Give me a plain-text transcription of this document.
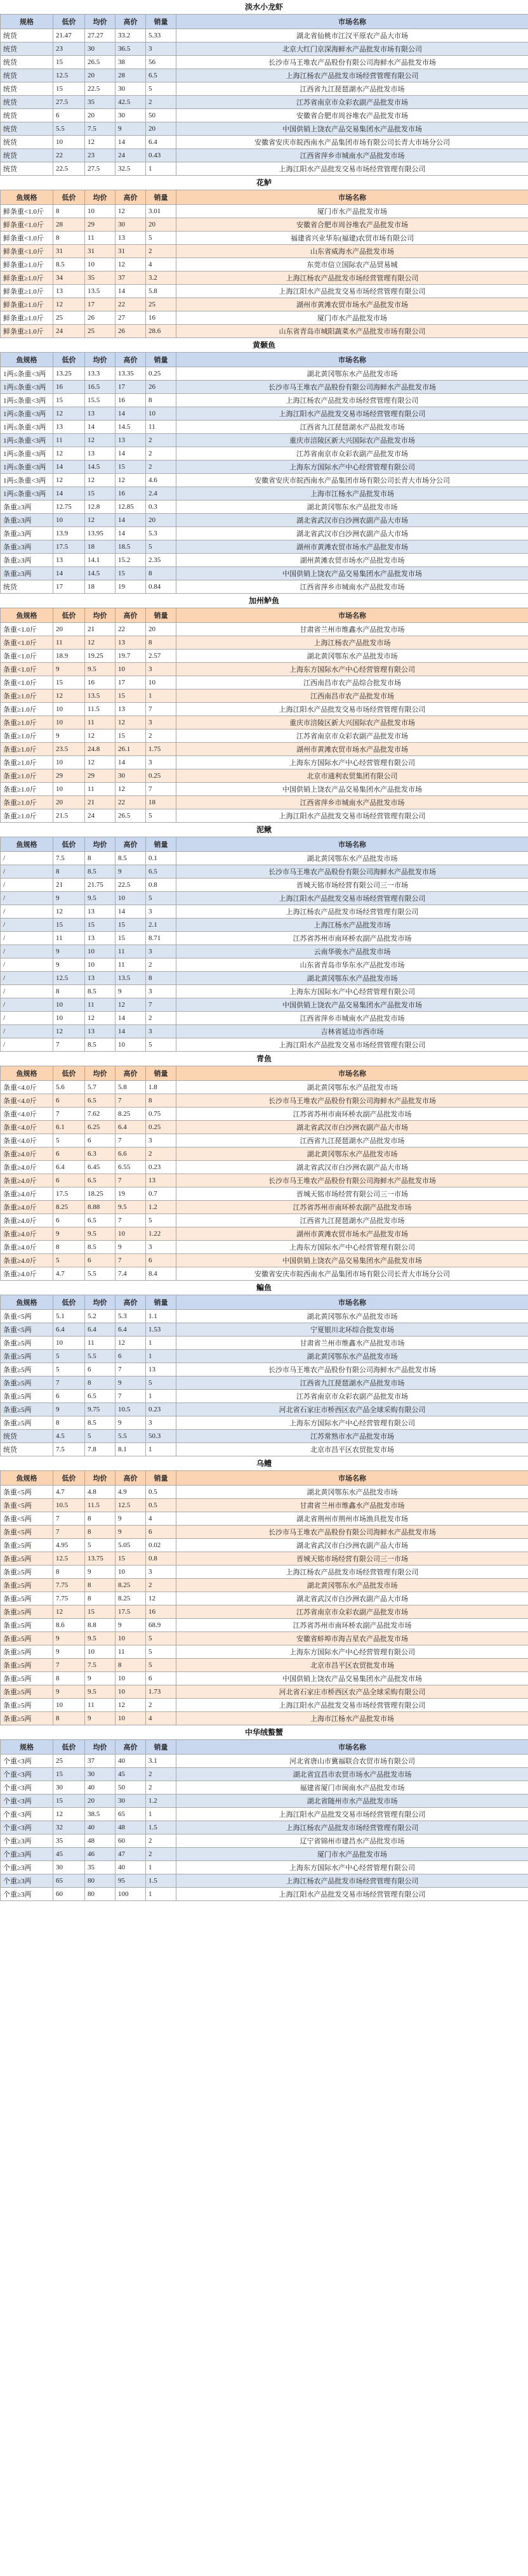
淡水小龙虾
规格	低价	均价	高价	销量	市场名称
统货	21.47	27.27	33.2	5.33	湖北省仙桃市江汉平原农产品大市场
统货	23	30	36.5	3	北京大红门京深海鲜水产品批发市场有限公司
统货	15	26.5	38	56	长沙市马王堆农产品股份有限公司海鲜水产品批发市场
统货	12.5	20	28	6.5	上海江杨农产品批发市场经营管理有限公司
统货	15	22.5	30	5	江西省九江琵琶湖水产品批发市场
统货	27.5	35	42.5	2	江苏省南京市众彩农副产品批发市场
统货	6	20	30	50	安徽省合肥市周谷堆农产品批发市场
统货	5.5	7.5	9	20	中国供销上饶农产品交易集团水产品批发市场
统货	10	12	14	6.4	安徽省安庆市皖西南水产品集团市场有限公司长青大市场分公司
统货	22	23	24	0.43	江西省萍乡市城南水产品批发市场
统货	22.5	27.5	32.5	1	上海江阳水产品批发交易市场经营管理有限公司
花鲈
鱼规格	低价	均价	高价	销量	市场名称
鲜条重<1.0斤	8	10	12	3.01	厦门市水产品批发市场
鲜条重<1.0斤	28	29	30	20	安徽省合肥市周谷堆农产品批发市场
鲜条重<1.0斤	8	11	13	5	福建省兴业华东(福建)农贸市场有限公司
鲜条重<1.0斤	31	31	31	2	山东省威海水产品批发市场
鲜条重≥1.0斤	8.5	10	12	4	东莞市信立国际农产品贸易城
鲜条重≥1.0斤	34	35	37	3.2	上海江杨农产品批发市场经营管理有限公司
鲜条重≥1.0斤	13	13.5	14	5.8	上海江阳水产品批发交易市场经营管理有限公司
鲜条重≥1.0斤	12	17	22	25	湖州市黄滩农贸市场水产品批发市场
鲜条重≥1.0斤	25	26	27	16	厦门市水产品批发市场
鲜条重≥1.0斤	24	25	26	28.6	山东省青岛市城阳蔬菜水产品批发市场有限公司
黄颡鱼
鱼规格	低价	均价	高价	销量	市场名称
1两≤条重<3两	13.25	13.3	13.35	0.25	湖北黄冈鄂东水产品批发市场
1两≤条重<3两	16	16.5	17	26	长沙市马王堆农产品股份有限公司海鲜水产品批发市场
1两≤条重<3两	15	15.5	16	8	上海江杨农产品批发市场经营管理有限公司
1两≤条重<3两	12	13	14	10	上海江阳水产品批发交易市场经营管理有限公司
1两≤条重<3两	13	14	14.5	11	江西省九江琵琶湖水产品批发市场
1两≤条重<3两	11	12	13	2	重庆市涪陵区新大兴国际农产品批发市场
1两≤条重<3两	12	13	14	2	江苏省南京市众彩农副产品批发市场
1两≤条重<3两	14	14.5	15	2	上海东方国际水产中心经营管理有限公司
1两≤条重<3两	12	12	12	4.6	安徽省安庆市皖西南水产品集团市场有限公司长青大市场分公司
1两≤条重<3两	14	15	16	2.4	上海市江杨水产品批发市场
条重≥3两	12.75	12.8	12.85	0.3	湖北黄冈鄂东水产品批发市场
条重≥3两	10	12	14	20	湖北省武汉市白沙洲农副产品大市场
条重≥3两	13.9	13.95	14	5.3	湖北省武汉市白沙洲农副产品大市场
条重≥3两	17.5	18	18.5	5	湖州市黄滩农贸市场水产品批发市场
条重≥3两	13	14.1	15.2	2.35	湖州黄滩农贸市场水产品批发市场
条重≥3两	14	14.5	15	8	中国供销上饶农产品交易集团水产品批发市场
统货	17	18	19	0.84	江西省萍乡市城南水产品批发市场
加州鲈鱼
鱼规格	低价	均价	高价	销量	市场名称
条重<1.0斤	20	21	22	20	甘肃省兰州市维鑫水产品批发市场
条重<1.0斤	11	12	13	8	上海江杨农产品批发市场
条重<1.0斤	18.9	19.25	19.7	2.57	湖北黄冈鄂东水产品批发市场
条重<1.0斤	9	9.5	10	3	上海东方国际水产中心经营管理有限公司
条重<1.0斤	15	16	17	10	江西南昌市农产品综合批发市场
条重≥1.0斤	12	13.5	15	1	江西南昌市农产品批发市场
条重≥1.0斤	10	11.5	13	7	上海江阳水产品批发交易市场经营管理有限公司
条重≥1.0斤	10	11	12	3	重庆市涪陵区新大兴国际农产品批发市场
条重≥1.0斤	9	12	15	2	江苏省南京市众彩农副产品批发市场
条重≥1.0斤	23.5	24.8	26.1	1.75	湖州市黄滩农贸市场水产品批发市场
条重≥1.0斤	10	12	14	3	上海东方国际水产中心经营管理有限公司
条重≥1.0斤	29	29	30	0.25	北京市通利农贸集团有限公司
条重≥1.0斤	10	11	12	7	中国供销上饶农产品交易集团水产品批发市场
条重≥1.0斤	20	21	22	18	江西省萍乡市城南水产品批发市场
条重≥1.0斤	21.5	24	26.5	5	上海江阳水产品批发交易市场经营管理有限公司
泥鳅
鱼规格	低价	均价	高价	销量	市场名称
/	7.5	8	8.5	0.1	湖北黄冈鄂东水产品批发市场
/	8	8.5	9	6.5	长沙市马王堆农产品股份有限公司海鲜水产品批发市场
/	21	21.75	22.5	0.8	晋城天铭市场经营有限公司三一市场
/	9	9.5	10	5	上海江阳水产品批发交易市场经营管理有限公司
/	12	13	14	3	上海江杨农产品批发市场经营管理有限公司
/	15	15	15	2.1	上海江杨水产品批发市场
/	11	13	15	8.71	江苏省苏州市南环桥农副产品批发市场
/	9	10	11	3	云南华骏水产品批发市场
/	9	10	11	2	山东省青岛市华东水产品批发市场
/	12.5	13	13.5	8	湖北黄冈鄂东水产品批发市场
/	8	8.5	9	3	上海东方国际水产中心经营管理有限公司
/	10	11	12	7	中国供销上饶农产品交易集团水产品批发市场
/	10	12	14	2	江西省萍乡市城南水产品批发市场
/	12	13	14	3	吉林省延边市西市场
/	7	8.5	10	5	上海江阳水产品批发交易市场经营管理有限公司
青鱼
鱼规格	低价	均价	高价	销量	市场名称
条重<4.0斤	5.6	5.7	5.8	1.8	湖北黄冈鄂东水产品批发市场
条重<4.0斤	6	6.5	7	8	长沙市马王堆农产品股份有限公司海鲜水产品批发市场
条重<4.0斤	7	7.62	8.25	0.75	江苏省苏州市南环桥农副产品批发市场
条重<4.0斤	6.1	6.25	6.4	0.25	湖北省武汉市白沙洲农副产品大市场
条重<4.0斤	5	6	7	3	江西省九江琵琶湖水产品批发市场
条重≥4.0斤	6	6.3	6.6	2	湖北黄冈鄂东水产品批发市场
条重≥4.0斤	6.4	6.45	6.55	0.23	湖北省武汉市白沙洲农副产品大市场
条重≥4.0斤	6	6.5	7	13	长沙市马王堆农产品股份有限公司海鲜水产品批发市场
条重≥4.0斤	17.5	18.25	19	0.7	晋城天铭市场经营有限公司三一市场
条重≥4.0斤	8.25	8.88	9.5	1.2	江苏省苏州市南环桥农副产品批发市场
条重≥4.0斤	6	6.5	7	5	江西省九江琵琶湖水产品批发市场
条重≥4.0斤	9	9.5	10	1.22	湖州市黄滩农贸市场水产品批发市场
条重≥4.0斤	8	8.5	9	3	上海东方国际水产中心经营管理有限公司
条重≥4.0斤	5	6	7	6	中国供销上饶农产品交易集团水产品批发市场
条重≥4.0斤	4.7	5.5	7.4	8.4	安徽省安庆市皖西南水产品集团市场有限公司长青大市场分公司
鳊鱼
鱼规格	低价	均价	高价	销量	市场名称
条重<5两	5.1	5.2	5.3	1.1	湖北黄冈鄂东水产品批发市场
条重<5两	6.4	6.4	6.4	1.53	宁夏银川北环综合批发市场
条重≥5两	10	11	12	1	甘肃省兰州市维鑫水产品批发市场
条重≥5两	5	5.5	6	1	湖北黄冈鄂东水产品批发市场
条重≥5两	5	6	7	13	长沙市马王堆农产品股份有限公司海鲜水产品批发市场
条重≥5两	7	8	9	5	江西省九江琵琶湖水产品批发市场
条重≥5两	6	6.5	7	1	江苏省南京市众彩农副产品批发市场
条重≥5两	9	9.75	10.5	0.23	河北省石家庄市桥西区农产品全球采购有限公司
条重≥5两	8	8.5	9	3	上海东方国际水产中心经营管理有限公司
统货	4.5	5	5.5	50.3	江苏常熟市水产品批发市场
统货	7.5	7.8	8.1	1	北京市昌平区农贸批发市场
乌鳢
鱼规格	低价	均价	高价	销量	市场名称
条重<5两	4.7	4.8	4.9	0.5	湖北黄冈鄂东水产品批发市场
条重<5两	10.5	11.5	12.5	0.5	甘肃省兰州市维鑫水产品批发市场
条重<5两	7	8	9	4	湖北省荆州市荆州市场渔具批发市场
条重<5两	7	8	9	6	长沙市马王堆农产品股份有限公司海鲜水产品批发市场
条重≥5两	4.95	5	5.05	0.02	湖北省武汉市白沙洲农副产品大市场
条重≥5两	12.5	13.75	15	0.8	晋城天铭市场经营有限公司三一市场
条重≥5两	8	9	10	3	上海江杨农产品批发市场经营管理有限公司
条重≥5两	7.75	8	8.25	2	湖北黄冈鄂东水产品批发市场
条重≥5两	7.75	8	8.25	12	湖北省武汉市白沙洲农副产品大市场
条重≥5两	12	15	17.5	16	江苏省南京市众彩农副产品批发市场
条重≥5两	8.6	8.8	9	68.9	江苏省苏州市南环桥农副产品批发市场
条重≥5两	9	9.5	10	5	安徽省蚌埠市海吉星农产品批发市场
条重≥5两	9	10	11	5	上海东方国际水产中心经营管理有限公司
条重≥5两	7	7.5	8	5	北京市昌平区农贸批发市场
条重≥5两	8	9	10	6	中国供销上饶农产品交易集团水产品批发市场
条重≥5两	9	9.5	10	1.73	河北省石家庄市桥西区农产品全球采购有限公司
条重≥5两	10	11	12	2	上海江阳水产品批发交易市场经营管理有限公司
条重≥5两	8	9	10	4	上海市江杨水产品批发市场
中华绒螯蟹
规格	低价	均价	高价	销量	市场名称
个重<3两	25	37	40	3.1	河北省唐山市冀福联合农贸市场有限公司
个重<3两	15	30	45	2	湖北省宜昌市农贸市场水产品批发市场
个重<3两	30	40	50	2	福建省厦门市闽南水产品批发市场
个重<3两	15	20	30	1.2	湖北省随州市水产品批发市场
个重<3两	12	38.5	65	1	上海江阳水产品批发交易市场经营管理有限公司
个重<3两	32	40	48	1.5	上海江杨农产品批发市场经营管理有限公司
个重≥3两	35	48	60	2	辽宁省锦州市建昌水产品批发市场
个重≥3两	45	46	47	2	厦门市水产品批发市场
个重≥3两	30	35	40	1	上海东方国际水产中心经营管理有限公司
个重≥3两	65	80	95	1.5	上海江杨农产品批发市场经营管理有限公司
个重≥3两	60	80	100	1	上海江阳水产品批发交易市场经营管理有限公司
